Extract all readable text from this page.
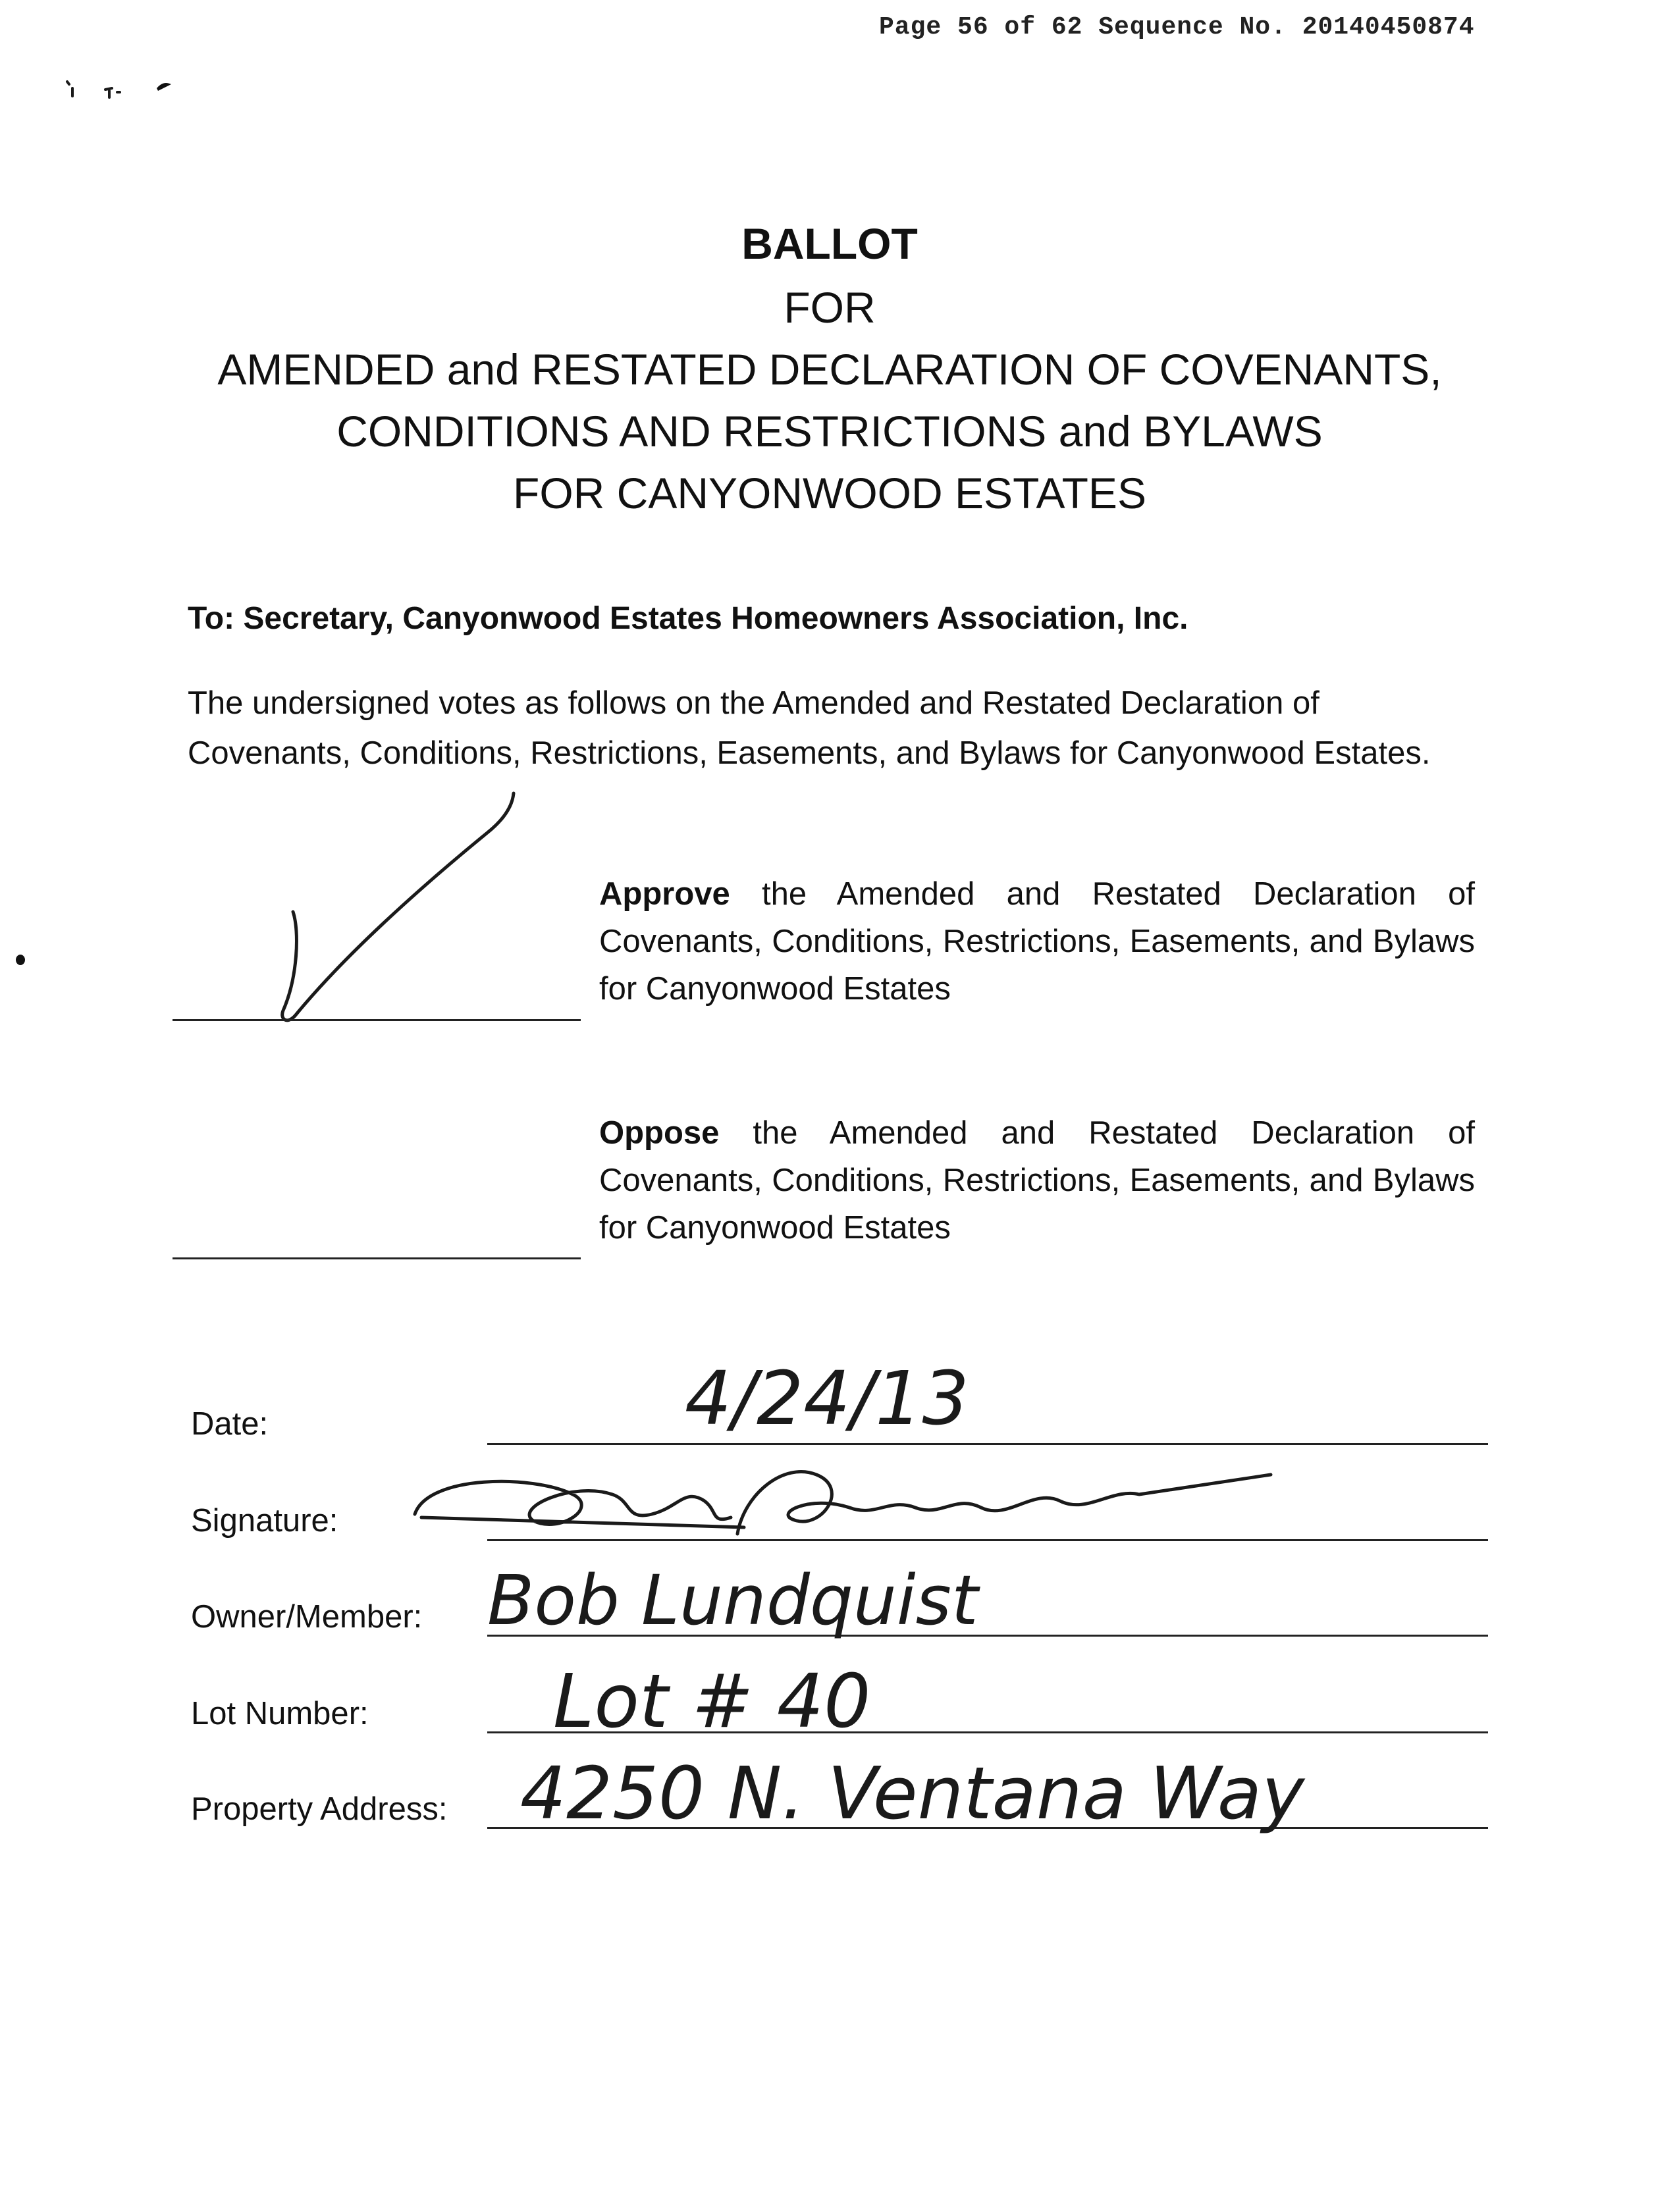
Page 56 of 62 Sequence No. 20140450874
BALLOT
FOR
AMENDED and RESTATED DECLARATION OF COVENANTS,
CONDITIONS AND RESTRICTIONS and BYLAWS
FOR CANYONWOOD ESTATES
To: Secretary, Canyonwood Estates Homeowners Association, Inc.
The undersigned votes as follows on the Amended and Restated Declaration of Covenants, Conditions, Restrictions, Easements, and Bylaws for Canyonwood Estates.
Approve the Amended and Restated Declaration of Covenants, Conditions, Restrictions, Easements, and Bylaws for Canyonwood Estates
Oppose the Amended and Restated Declaration of Covenants, Conditions, Restrictions, Easements, and Bylaws for Canyonwood Estates
Date:	4/24/13
Signature:
Owner/Member: Bob Lundquist
Lot Number:	Lot # 40
Property Address: 4250 N. Ventana Way
